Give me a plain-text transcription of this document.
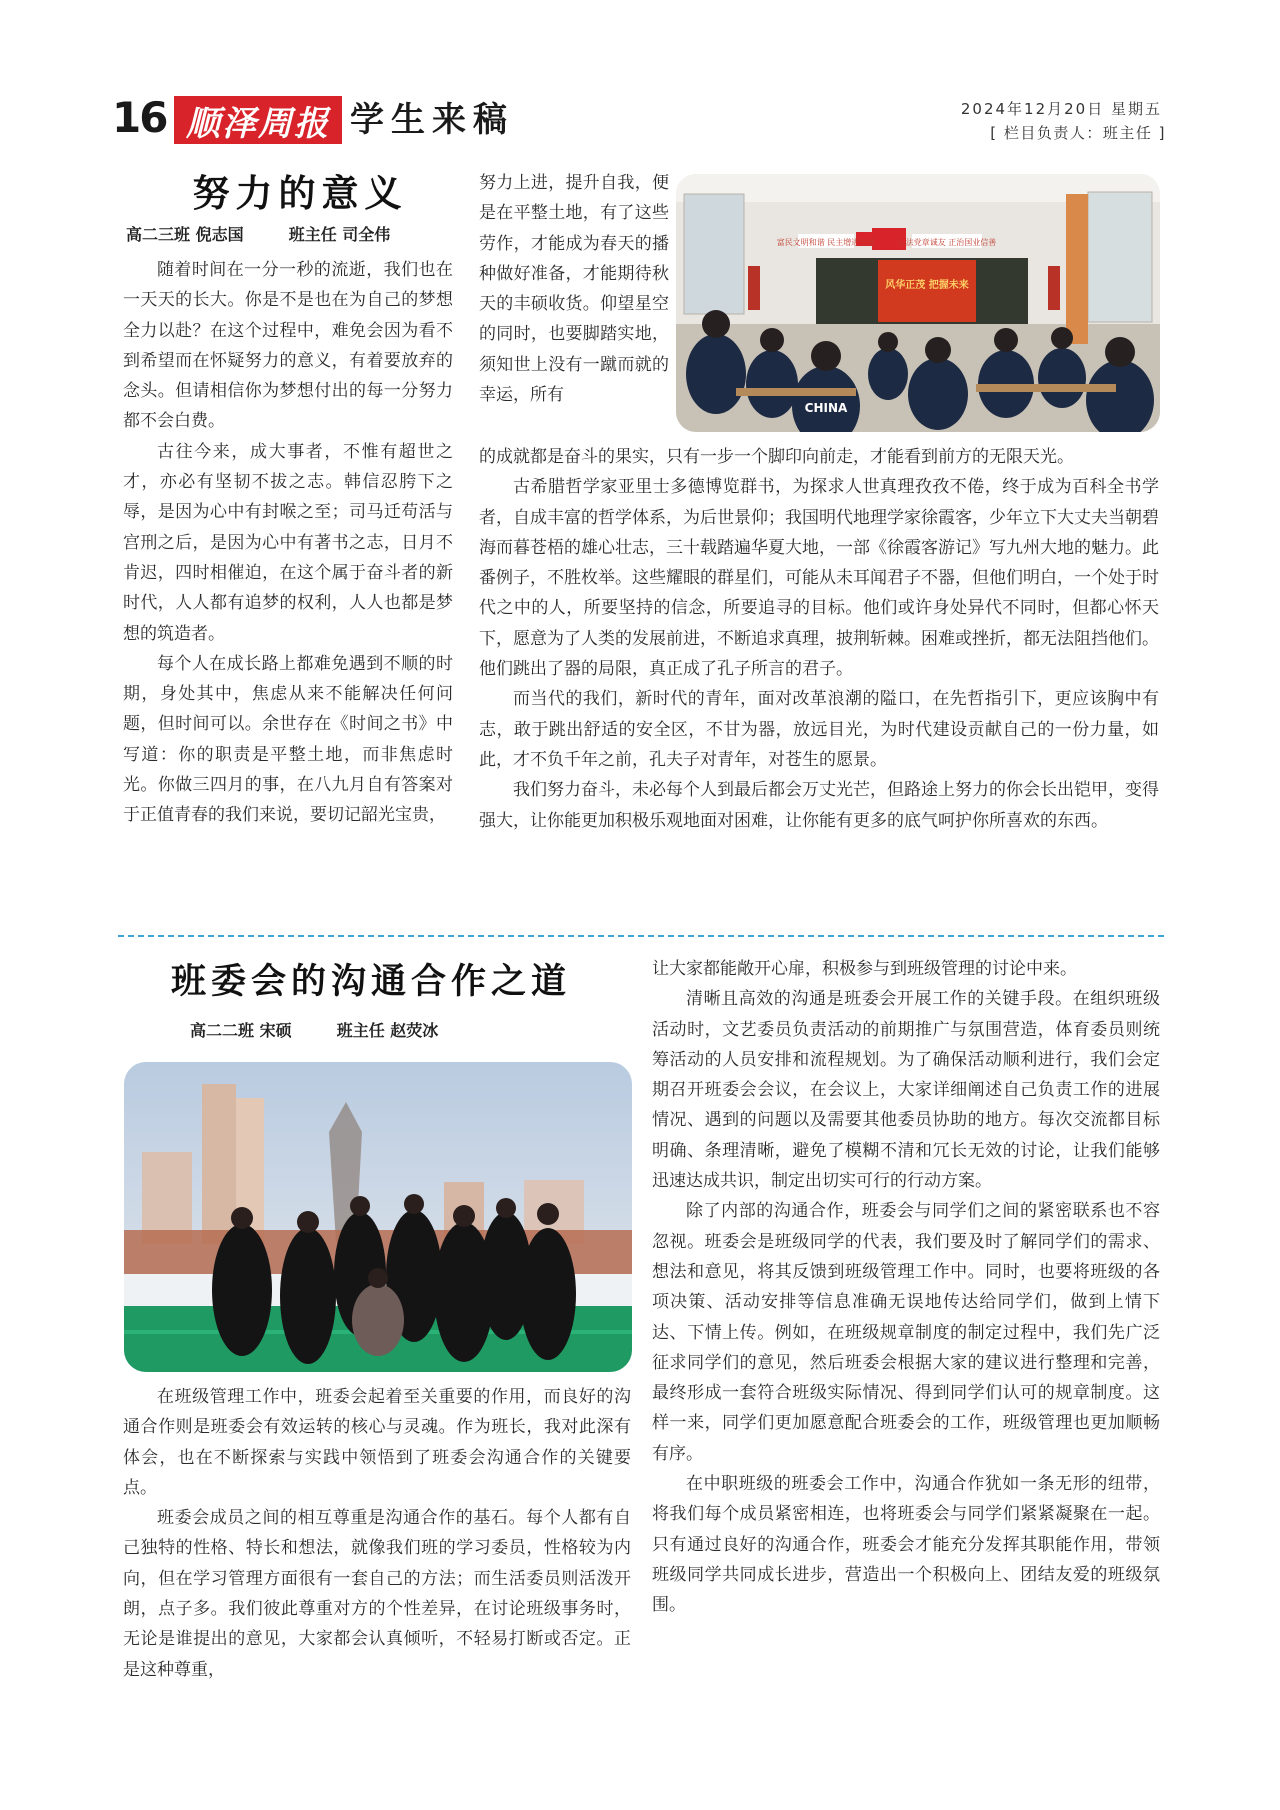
16 顺泽周报 学生来稿	2024年12月20日 星期五
[ 栏目负责人：班主任 ]
努力的意义
高二三班 倪志国	班主任 司全伟

随着时间在一分一秒的流逝，我们也在一天天的长大。你是不是也在为自己的梦想全力以赴？在这个过程中，难免会因为看不到希望而在怀疑努力的意义，有着要放弃的念头。但请相信你为梦想付出的每一分努力都不会白费。

古往今来，成大事者，不惟有超世之才，亦必有坚韧不拔之志。韩信忍胯下之辱，是因为心中有封喉之至；司马迁苟活与宫刑之后，是因为心中有著书之志，日月不肯迟，四时相催迫，在这个属于奋斗者的新时代，人人都有追梦的权利，人人也都是梦想的筑造者。

每个人在成长路上都难免遇到不顺的时期，身处其中，焦虑从来不能解决任何问题，但时间可以。余世存在《时间之书》中写道：你的职责是平整土地，而非焦虑时光。你做三四月的事，在八九月自有答案对于正值青春的我们来说，要切记韶光宝贵，

努力上进，提升自我，便是在平整土地，有了这些劳作，才能成为春天的播种做好准备，才能期待秋天的丰硕收货。仰望星空的同时，也要脚踏实地，须知世上没有一蹴而就的幸运，所有

富民文明和谐 民主增进发展	公法党章诚友 正治国业信善
风华正茂 把握未来
CHINA

的成就都是奋斗的果实，只有一步一个脚印向前走，才能看到前方的无限天光。

古希腊哲学家亚里士多德博览群书，为探求人世真理孜孜不倦，终于成为百科全书学者，自成丰富的哲学体系，为后世景仰；我国明代地理学家徐霞客，少年立下大丈夫当朝碧海而暮苍梧的雄心壮志，三十载踏遍华夏大地，一部《徐霞客游记》写九州大地的魅力。此番例子，不胜枚举。这些耀眼的群星们，可能从未耳闻君子不器，但他们明白，一个处于时代之中的人，所要坚持的信念，所要追寻的目标。他们或许身处异代不同时，但都心怀天下，愿意为了人类的发展前进，不断追求真理，披荆斩棘。困难或挫折，都无法阻挡他们。他们跳出了器的局限，真正成了孔子所言的君子。

而当代的我们，新时代的青年，面对改革浪潮的隘口，在先哲指引下，更应该胸中有志，敢于跳出舒适的安全区，不甘为器，放远目光，为时代建设贡献自己的一份力量，如此，才不负千年之前，孔夫子对青年，对苍生的愿景。

我们努力奋斗，未必每个人到最后都会万丈光芒，但路途上努力的你会长出铠甲，变得强大，让你能更加积极乐观地面对困难，让你能有更多的底气呵护你所喜欢的东西。

班委会的沟通合作之道
高二二班 宋硕	班主任 赵荧冰

在班级管理工作中，班委会起着至关重要的作用，而良好的沟通合作则是班委会有效运转的核心与灵魂。作为班长，我对此深有体会，也在不断探索与实践中领悟到了班委会沟通合作的关键要点。

班委会成员之间的相互尊重是沟通合作的基石。每个人都有自己独特的性格、特长和想法，就像我们班的学习委员，性格较为内向，但在学习管理方面很有一套自己的方法；而生活委员则活泼开朗，点子多。我们彼此尊重对方的个性差异，在讨论班级事务时，无论是谁提出的意见，大家都会认真倾听，不轻易打断或否定。正是这种尊重，

让大家都能敞开心扉，积极参与到班级管理的讨论中来。

清晰且高效的沟通是班委会开展工作的关键手段。在组织班级活动时，文艺委员负责活动的前期推广与氛围营造，体育委员则统筹活动的人员安排和流程规划。为了确保活动顺利进行，我们会定期召开班委会会议，在会议上，大家详细阐述自己负责工作的进展情况、遇到的问题以及需要其他委员协助的地方。每次交流都目标明确、条理清晰，避免了模糊不清和冗长无效的讨论，让我们能够迅速达成共识，制定出切实可行的行动方案。

除了内部的沟通合作，班委会与同学们之间的紧密联系也不容忽视。班委会是班级同学的代表，我们要及时了解同学们的需求、想法和意见，将其反馈到班级管理工作中。同时，也要将班级的各项决策、活动安排等信息准确无误地传达给同学们，做到上情下达、下情上传。例如，在班级规章制度的制定过程中，我们先广泛征求同学们的意见，然后班委会根据大家的建议进行整理和完善，最终形成一套符合班级实际情况、得到同学们认可的规章制度。这样一来，同学们更加愿意配合班委会的工作，班级管理也更加顺畅有序。

在中职班级的班委会工作中，沟通合作犹如一条无形的纽带，将我们每个成员紧密相连，也将班委会与同学们紧紧凝聚在一起。只有通过良好的沟通合作，班委会才能充分发挥其职能作用，带领班级同学共同成长进步，营造出一个积极向上、团结友爱的班级氛围。
